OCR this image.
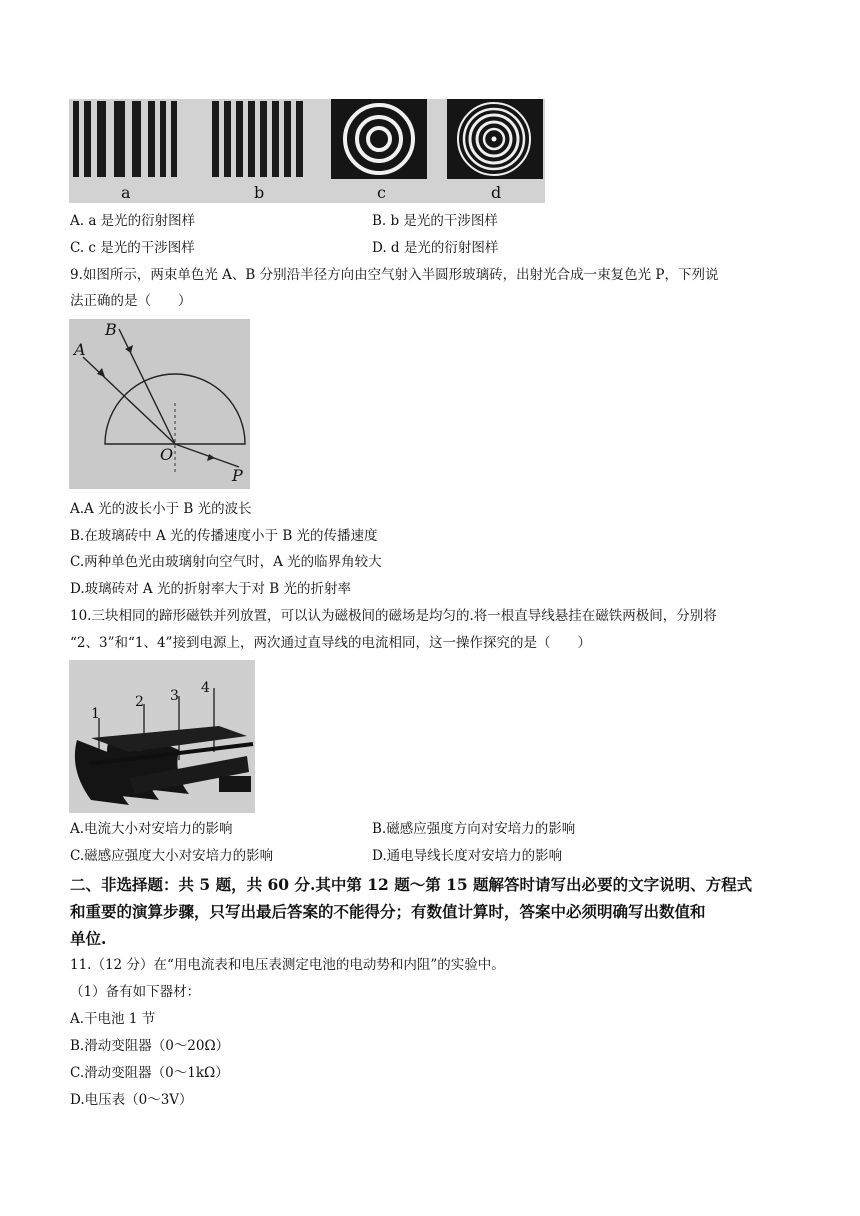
a	b	c	d
A. a 是光的衍射图样	B. b 是光的干涉图样
C. c 是光的干涉图样	D. d 是光的衍射图样
9.如图所示，两束单色光 A、B 分别沿半径方向由空气射入半圆形玻璃砖，出射光合成一束复色光 P，下列说
法正确的是（　　）
A
B
O
P
A.A 光的波长小于 B 光的波长
B.在玻璃砖中 A 光的传播速度小于 B 光的传播速度
C.两种单色光由玻璃射向空气时，A 光的临界角较大
D.玻璃砖对 A 光的折射率大于对 B 光的折射率
10.三块相同的蹄形磁铁并列放置，可以认为磁极间的磁场是均匀的.将一根直导线悬挂在磁铁两极间，分别将
“2、3”和“1、4”接到电源上，两次通过直导线的电流相同，这一操作探究的是（　　）
1
2 3 4
A.电流大小对安培力的影响	B.磁感应强度方向对安培力的影响
C.磁感应强度大小对安培力的影响	D.通电导线长度对安培力的影响
二、非选择题：共 5 题，共 60 分.其中第 12 题～第 15 题解答时请写出必要的文字说明、方程式
和重要的演算步骤，只写出最后答案的不能得分；有数值计算时，答案中必须明确写出数值和
单位.
11.（12 分）在“用电流表和电压表测定电池的电动势和内阻”的实验中。
（1）备有如下器材：
A.干电池 1 节
B.滑动变阻器（0～20Ω）
C.滑动变阻器（0～1kΩ）
D.电压表（0～3V）
